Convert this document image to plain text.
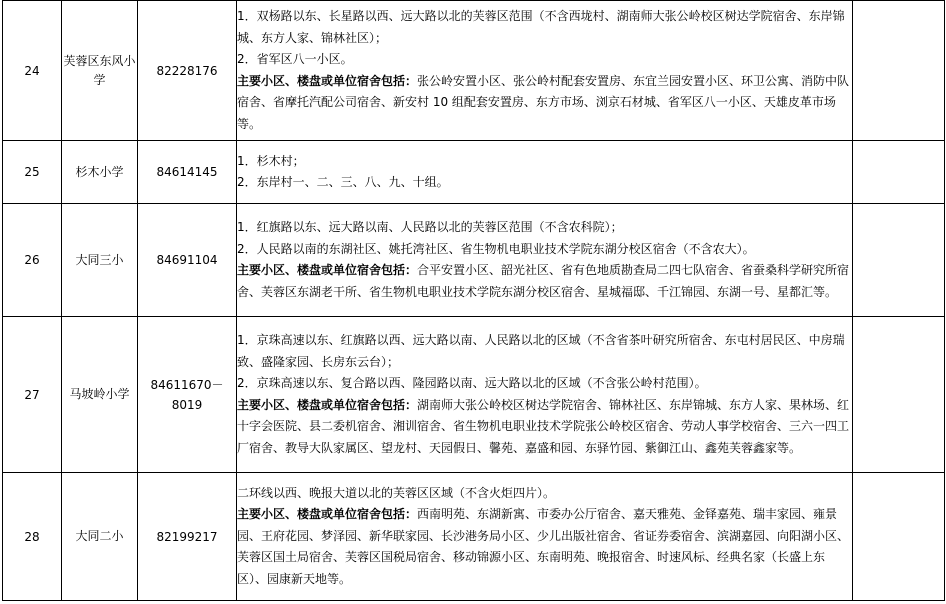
24	芙蓉区东风小学	82228176	1．双杨路以东、长星路以西、远大路以北的芙蓉区范围（不含西垅村、湖南师大张公岭校区树达学院宿舍、东岸锦城、东方人家、锦林社区）；
2．省军区八一小区。
主要小区、楼盘或单位宿舍包括：张公岭安置小区、张公岭村配套安置房、东宜兰园安置小区、环卫公寓、消防中队宿舍、省摩托汽配公司宿舍、新安村 10 组配套安置房、东方市场、浏京石材城、省军区八一小区、天雄皮革市场等。	

25	杉木小学	84614145	1．杉木村；
2．东岸村一、二、三、八、九、十组。	

26	大同三小	84691104	1．红旗路以东、远大路以南、人民路以北的芙蓉区范围（不含农科院）；
2．人民路以南的东湖社区、姚托湾社区、省生物机电职业技术学院东湖分校区宿舍（不含农大）。
主要小区、楼盘或单位宿舍包括：合平安置小区、韶光社区、省有色地质勘查局二四七队宿舍、省蚕桑科学研究所宿舍、芙蓉区东湖老干所、省生物机电职业技术学院东湖分校区宿舍、星城福邸、千江锦园、东湖一号、星都汇等。	

27	马坡岭小学	84611670－8019	1．京珠高速以东、红旗路以西、远大路以南、人民路以北的区域（不含省茶叶研究所宿舍、东屯村居民区、中房瑞致、盛隆家园、长房东云台）；
2．京珠高速以东、复合路以西、隆园路以南、远大路以北的区域（不含张公岭村范围）。
主要小区、楼盘或单位宿舍包括：湖南师大张公岭校区树达学院宿舍、锦林社区、东岸锦城、东方人家、果林场、红十字会医院、县二委机宿舍、湘训宿舍、省生物机电职业技术学院张公岭校区宿舍、劳动人事学校宿舍、三六一四工厂宿舍、教导大队家属区、望龙村、天园假日、馨苑、嘉盛和园、东驿竹园、紫御江山、鑫苑芙蓉鑫家等。	

28	大同二小	82199217	二环线以西、晚报大道以北的芙蓉区区域（不含火炬四片）。
主要小区、楼盘或单位宿舍包括：西南明苑、东湖新寓、市委办公厅宿舍、嘉天雅苑、金铎嘉苑、瑞丰家园、雍景园、王府花园、梦泽园、新华联家园、长沙港务局小区、少儿出版社宿舍、省证券委宿舍、滨湖嘉园、向阳湖小区、芙蓉区国土局宿舍、芙蓉区国税局宿舍、移动锦源小区、东南明苑、晚报宿舍、时速风标、经典名家（长盛上东区）、园康新天地等。	
